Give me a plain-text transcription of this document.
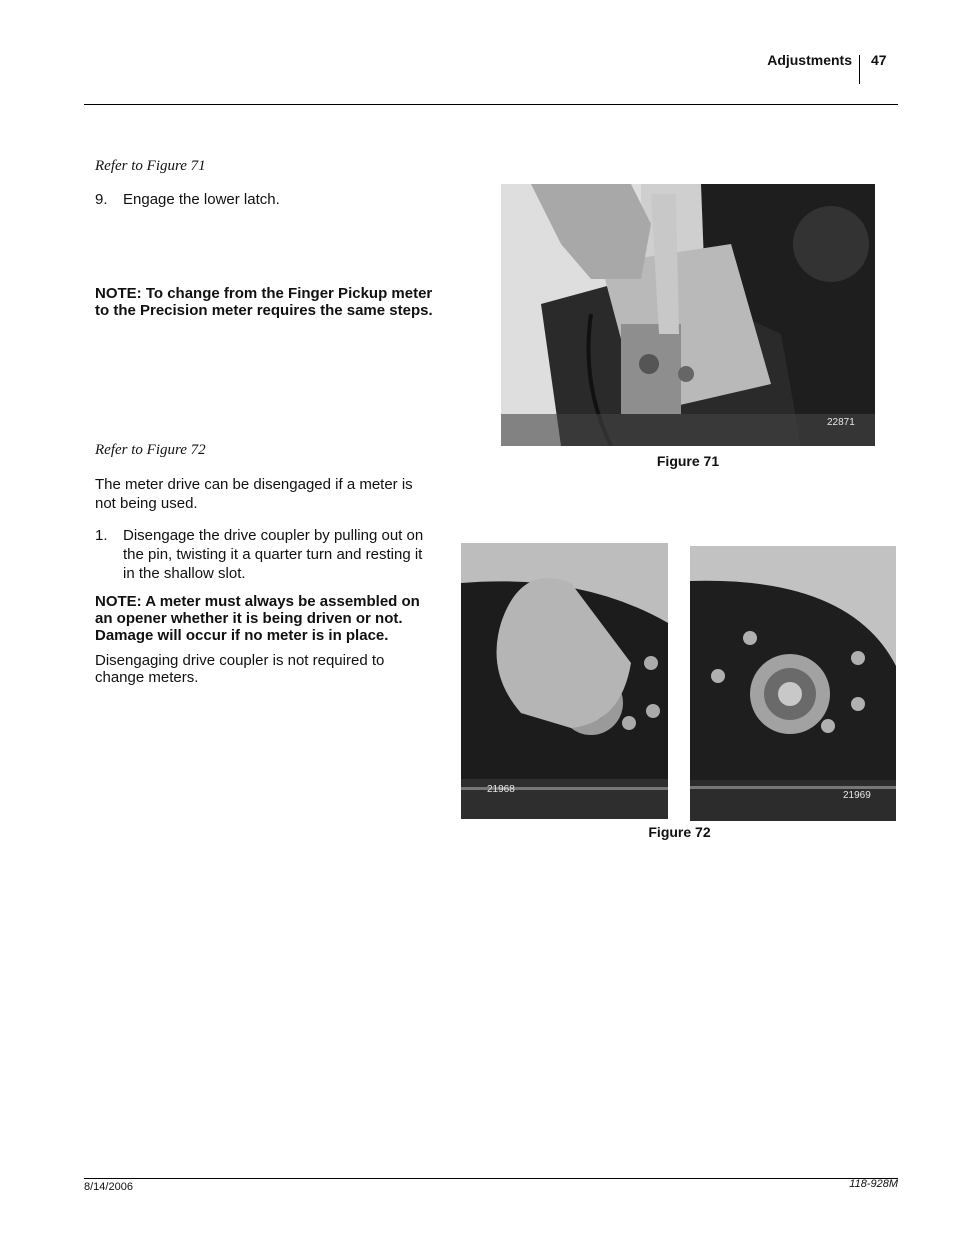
Adjustments 47
Refer to Figure 71
9.	Engage the lower latch.
NOTE: To change from the Finger Pickup meter to the Precision meter requires the same steps.
Refer to Figure 72
The meter drive can be disengaged if a meter is not being used.
1.	Disengage the drive coupler by pulling out on the pin, twisting it a quarter turn and resting it in the shallow slot.
NOTE: A meter must always be assembled on an opener whether it is being driven or not. Damage will occur if no meter is in place.
Disengaging drive coupler is not required to change meters.
22871
Figure 71
21968
21969
Figure 72
8/14/2006	118-928M
